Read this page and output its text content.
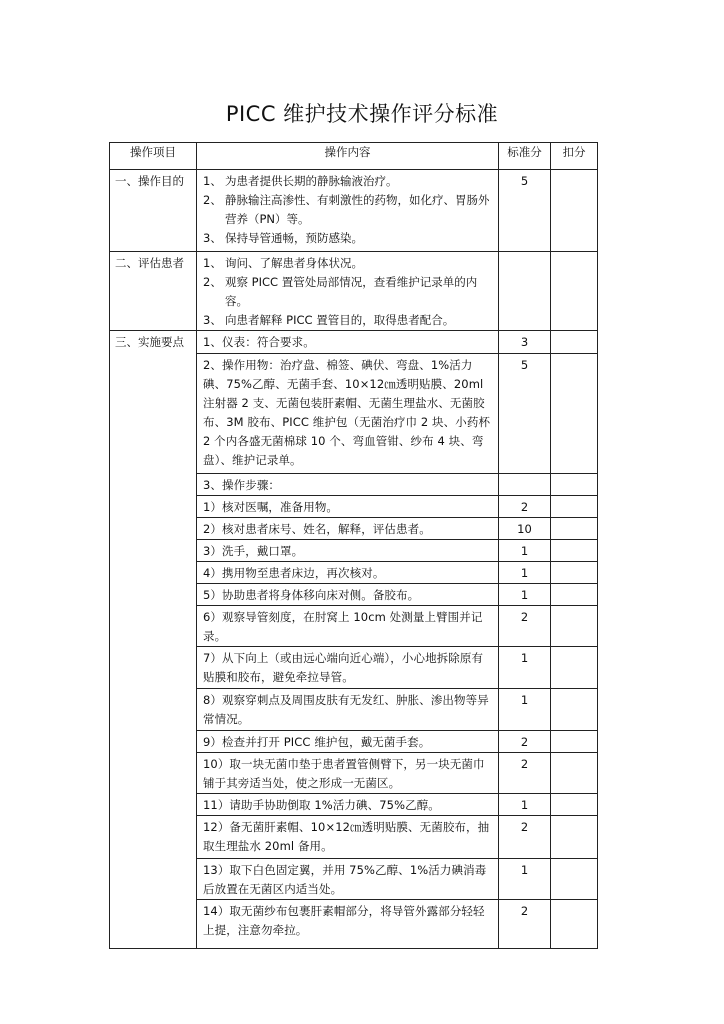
PICC 维护技术操作评分标准
操作项目	操作内容	标准分	扣分
一、操作目的	1、 为患者提供长期的静脉输液治疗。
2、 静脉输注高渗性、有刺激性的药物，如化疗、胃肠外营养（PN）等。
3、 保持导管通畅，预防感染。
	5	
二、评估患者	1、 询问、了解患者身体状况。
2、 观察 PICC 置管处局部情况，查看维护记录单的内容。
3、 向患者解释 PICC 置管目的，取得患者配合。

三、实施要点	1、仪表：符合要求。	3	
	2、操作用物：治疗盘、棉签、碘伏、弯盘、1%活力碘、75%乙醇、无菌手套、10×12㎝透明贴膜、20ml 注射器 2 支、无菌包装肝素帽、无菌生理盐水、无菌胶布、3M 胶布、PICC 维护包（无菌治疗巾 2 块、小药杯 2 个内各盛无菌棉球 10 个、弯血管钳、纱布 4 块、弯盘）、维护记录单。	5	
	3、操作步骤：		
	1）核对医嘱，准备用物。	2	
	2）核对患者床号、姓名，解释，评估患者。	10	
	3）洗手，戴口罩。	1	
	4）携用物至患者床边，再次核对。	1	
	5）协助患者将身体移向床对侧。备胶布。	1	
	6）观察导管刻度，在肘窝上 10cm 处测量上臂围并记录。	2	
	7）从下向上（或由远心端向近心端），小心地拆除原有贴膜和胶布，避免牵拉导管。	1	
	8）观察穿刺点及周围皮肤有无发红、肿胀、渗出物等异常情况。	1	
	9）检查并打开 PICC 维护包，戴无菌手套。	2	
	10）取一块无菌巾垫于患者置管侧臂下，另一块无菌巾铺于其旁适当处，使之形成一无菌区。	2	
	11）请助手协助倒取 1%活力碘、75%乙醇。	1	
	12）备无菌肝素帽、10×12㎝透明贴膜、无菌胶布，抽取生理盐水 20ml 备用。	2	
	13）取下白色固定翼，并用 75%乙醇、1%活力碘消毒后放置在无菌区内适当处。	1	
	14）取无菌纱布包裹肝素帽部分，将导管外露部分轻轻上提，注意勿牵拉。	2	
